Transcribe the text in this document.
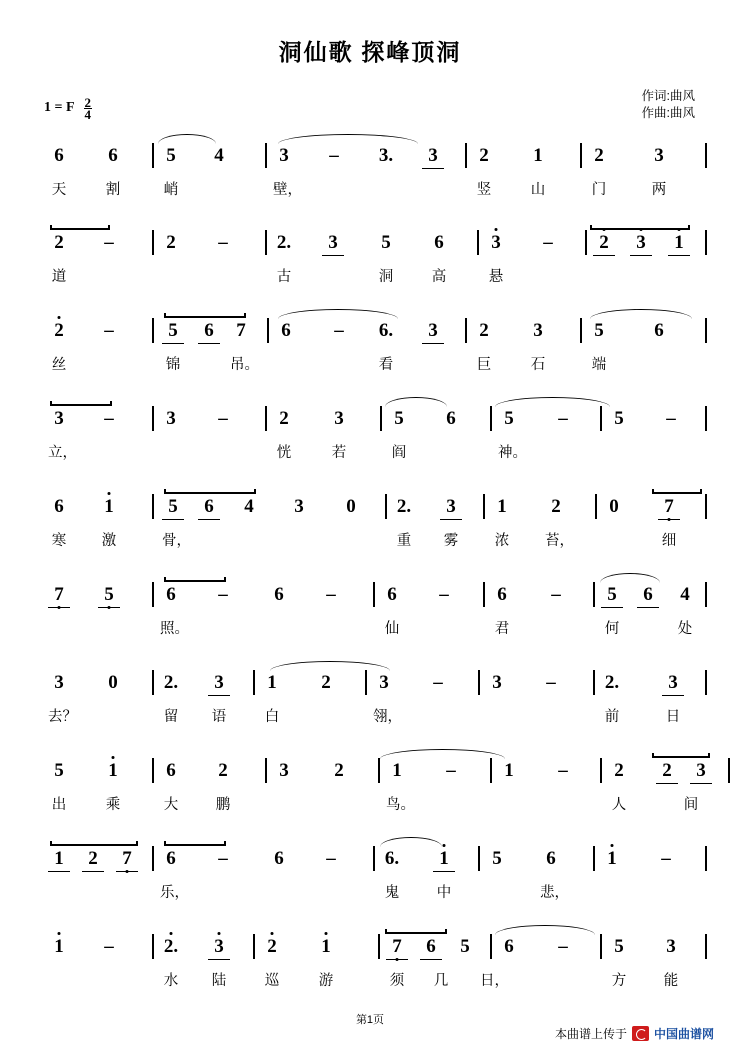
洞仙歌 探峰顶洞
作词:曲风
作曲:曲风
1 = F $\frac{2}{4}$
6	6	5	4	3	–	3.	3	2	1	2	3
天	割	峭	壁，	竖	山	门	两
2	–	2	–	2.	3	5	6	3	–	2	3	1
道	古	洞	高	悬
2	–	5	6	7	6	–	6.	3	2	3	5	6
丝	锦	吊。	看	巨	石	端
3	–	3	–	2	3	5	6	5	–	5	–
立，	恍	若	阎	神。
6	1	5	6	4	3	0	2.	3	1	2	0	7
寒 激	骨，	重 雾	浓 苔，	细
7	5	6	–	6	–	6	–	6	–	5	6	4
照。	仙	君	何	处
3	0	2.	3	1	2	3	–	3	–	2.	3
去？	留 语	白	翎，	前	日
5	1	6	2	3	2	1	–	1	–	2	2	3
出	乘	大	鹏	鸟。	人	间
1	2	7	6	–	6	–	6.	1	5	6	1	–
乐，	鬼	中	悲，
1	–	2.	3	2	1	7	6	5	6	–	5	3
水 陆	巡	游	须 几 日，	方	能
第1页
本曲谱上传于 中国曲谱网
